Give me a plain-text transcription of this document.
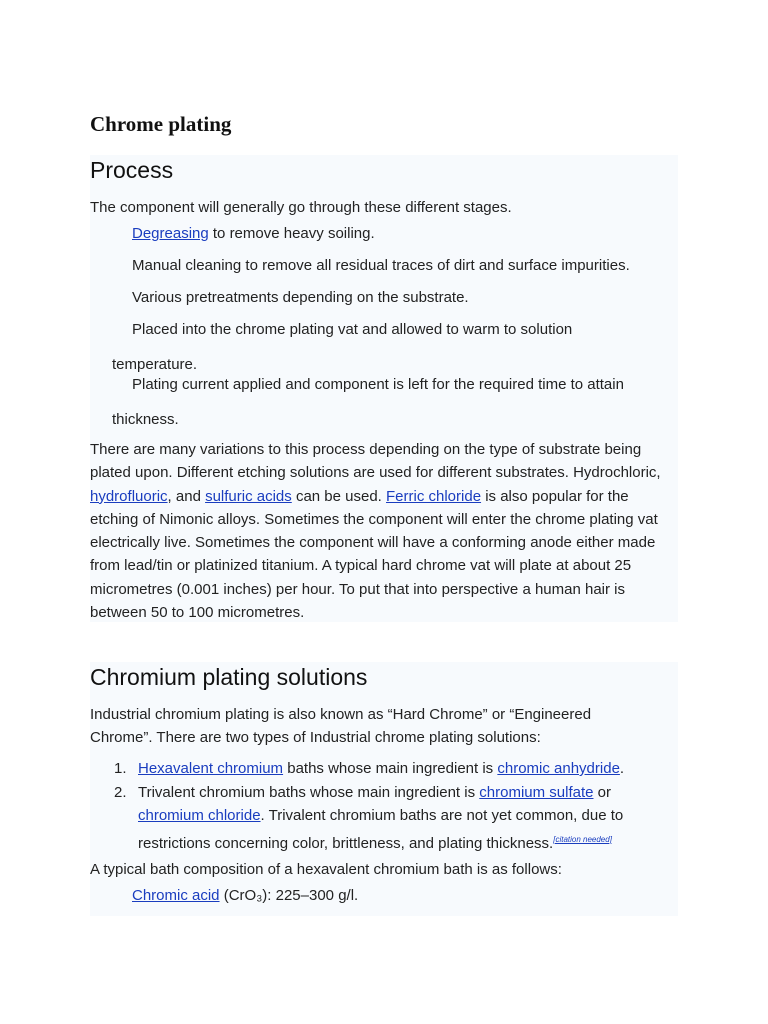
Chrome plating
Process

The component will generally go through these different stages.

Degreasing to remove heavy soiling.

Manual cleaning to remove all residual traces of dirt and surface impurities.

Various pretreatments depending on the substrate.

Placed into the chrome plating vat and allowed to warm to solution

temperature.

Plating current applied and component is left for the required time to attain

thickness.

There are many variations to this process depending on the type of substrate being plated upon. Different etching solutions are used for different substrates. Hydrochloric, hydrofluoric, and sulfuric acids can be used. Ferric chloride is also popular for the etching of Nimonic alloys. Sometimes the component will enter the chrome plating vat electrically live. Sometimes the component will have a conforming anode either made from lead/tin or platinized titanium. A typical hard chrome vat will plate at about 25 micrometres (0.001 inches) per hour. To put that into perspective a human hair is between 50 to 100 micrometres.

Chromium plating solutions

Industrial chromium plating is also known as “Hard Chrome” or “Engineered Chrome”. There are two types of Industrial chrome plating solutions:

1. Hexavalent chromium baths whose main ingredient is chromic anhydride.

2. Trivalent chromium baths whose main ingredient is chromium sulfate or chromium chloride. Trivalent chromium baths are not yet common, due to restrictions concerning color, brittleness, and plating thickness.[citation needed]

A typical bath composition of a hexavalent chromium bath is as follows:

Chromic acid (CrO₃): 225–300 g/l.
